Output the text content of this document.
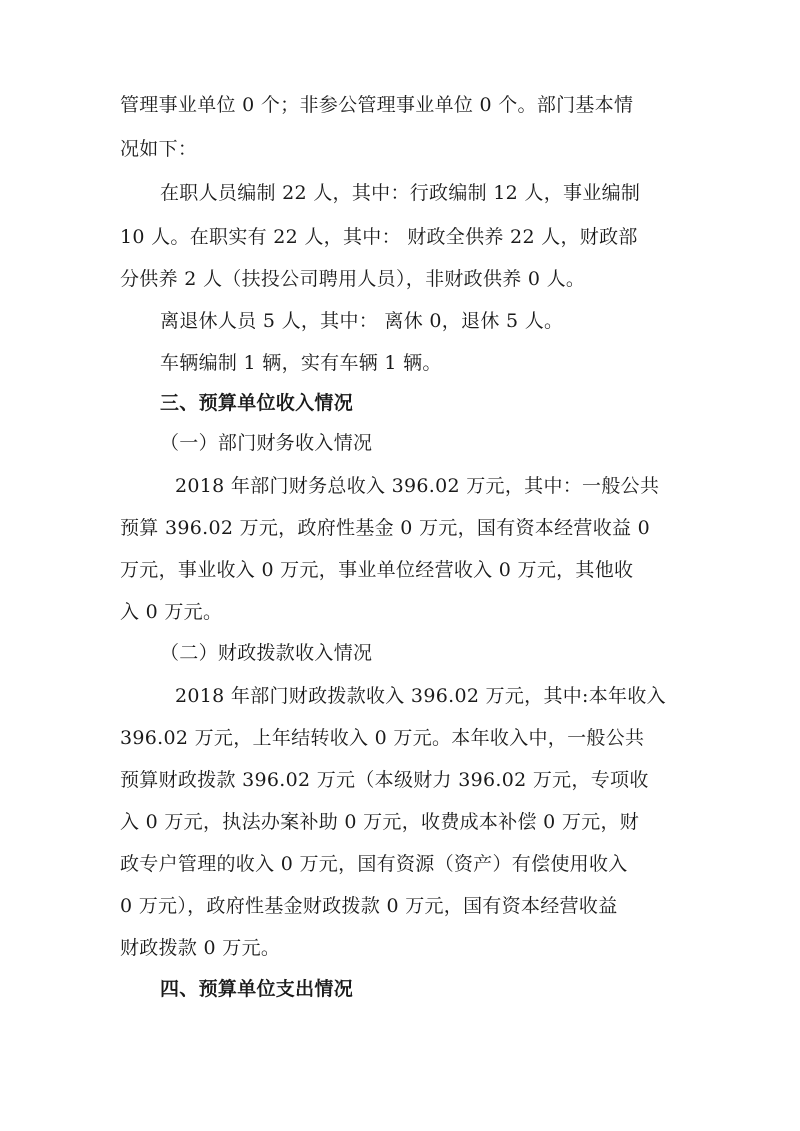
管理事业单位 0 个；非参公管理事业单位 0 个。部门基本情
况如下：
在职人员编制 22 人，其中：行政编制 12 人，事业编制
10 人。在职实有 22 人，其中： 财政全供养 22 人，财政部
分供养 2 人（扶投公司聘用人员），非财政供养 0 人。
离退休人员 5 人，其中： 离休 0，退休 5 人。
车辆编制 1 辆，实有车辆 1 辆。
三、预算单位收入情况
（一）部门财务收入情况
2018 年部门财务总收入 396.02 万元，其中：一般公共
预算 396.02 万元，政府性基金 0 万元，国有资本经营收益 0
万元，事业收入 0 万元，事业单位经营收入 0 万元，其他收
入 0 万元。
（二）财政拨款收入情况
2018 年部门财政拨款收入 396.02 万元，其中:本年收入
396.02 万元，上年结转收入 0 万元。本年收入中，一般公共
预算财政拨款 396.02 万元（本级财力 396.02 万元，专项收
入 0 万元，执法办案补助 0 万元，收费成本补偿 0 万元，财
政专户管理的收入 0 万元，国有资源（资产）有偿使用收入
0 万元），政府性基金财政拨款 0 万元，国有资本经营收益
财政拨款 0 万元。
四、预算单位支出情况
